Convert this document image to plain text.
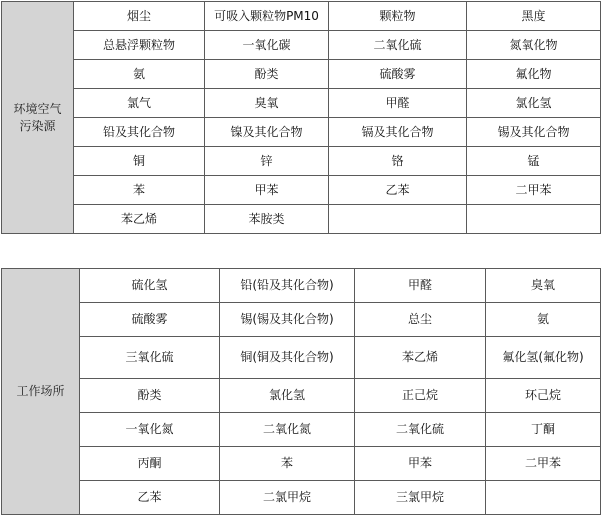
环境空气
污染源	烟尘	可吸入颗粒物PM10	颗粒物	黑度
	总悬浮颗粒物	一氧化碳	二氧化硫	氮氧化物
	氨	酚类	硫酸雾	氟化物
	氯气	臭氧	甲醛	氯化氢
	铅及其化合物	镍及其化合物	镉及其化合物	锡及其化合物
	铜	锌	铬	锰
	苯	甲苯	乙苯	二甲苯
	苯乙烯	苯胺类		
工作场所	硫化氢	铅(铅及其化合物)	甲醛	臭氧
	硫酸雾	锡(锡及其化合物)	总尘	氨
	三氧化硫	铜(铜及其化合物)	苯乙烯	氟化氢(氟化物)
	酚类	氯化氢	正己烷	环己烷
	一氧化氮	二氧化氮	二氧化硫	丁酮
	丙酮	苯	甲苯	二甲苯
	乙苯	二氯甲烷	三氯甲烷	
